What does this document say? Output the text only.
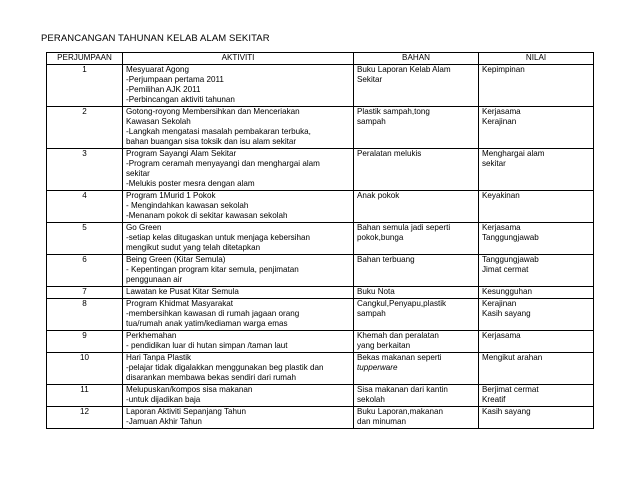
PERANCANGAN TAHUNAN KELAB ALAM SEKITAR
PERJUMPAAN	AKTIVITI	BAHAN	NILAI
1	Mesyuarat Agong
-Perjumpaan pertama 2011
-Pemilihan AJK 2011
-Perbincangan aktiviti tahunan	Buku Laporan Kelab Alam
Sekitar	Kepimpinan

2	Gotong-royong Membersihkan dan Menceriakan
Kawasan Sekolah
-Langkah mengatasi masalah pembakaran terbuka,
bahan buangan sisa toksik dan isu alam sekitar	Plastik sampah,tong
sampah	Kerjasama
Kerajinan

3	Program Sayangi Alam Sekitar
-Program ceramah menyayangi dan menghargai alam
sekitar
-Melukis poster mesra dengan alam	Peralatan melukis	Menghargai alam
sekitar

4	Program 1Murid 1 Pokok
- Mengindahkan kawasan sekolah
-Menanam pokok di sekitar kawasan sekolah	Anak pokok	Keyakinan

5	Go Green
-setiap kelas ditugaskan untuk menjaga kebersihan
mengikut sudut yang telah ditetapkan	Bahan semula jadi seperti
pokok,bunga	Kerjasama
Tanggungjawab

6	Being Green (Kitar Semula)
- Kepentingan program kitar semula, penjimatan
penggunaan air	Bahan terbuang	Tanggungjawab
Jimat cermat

7	Lawatan ke Pusat Kitar Semula	Buku Nota	Kesungguhan

8	Program Khidmat Masyarakat
-membersihkan kawasan di rumah jagaan orang
tua/rumah anak yatim/kediaman warga emas	Cangkul,Penyapu,plastik
sampah	Kerajinan
Kasih sayang

9	Perkhemahan
- pendidikan luar di hutan simpan /taman laut	Khemah dan peralatan
yang berkaitan	Kerjasama

10	Hari Tanpa Plastik
-pelajar tidak digalakkan menggunakan beg plastik dan
disarankan membawa bekas sendiri dari rumah	Bekas makanan seperti
tupperware	Mengikut arahan

11	Melupuskan/kompos sisa makanan
-untuk dijadikan baja	Sisa makanan dari kantin
sekolah	Berjimat cermat
Kreatif

12	Laporan Aktiviti Sepanjang Tahun
-Jamuan Akhir Tahun	Buku Laporan,makanan
dan minuman	Kasih sayang
